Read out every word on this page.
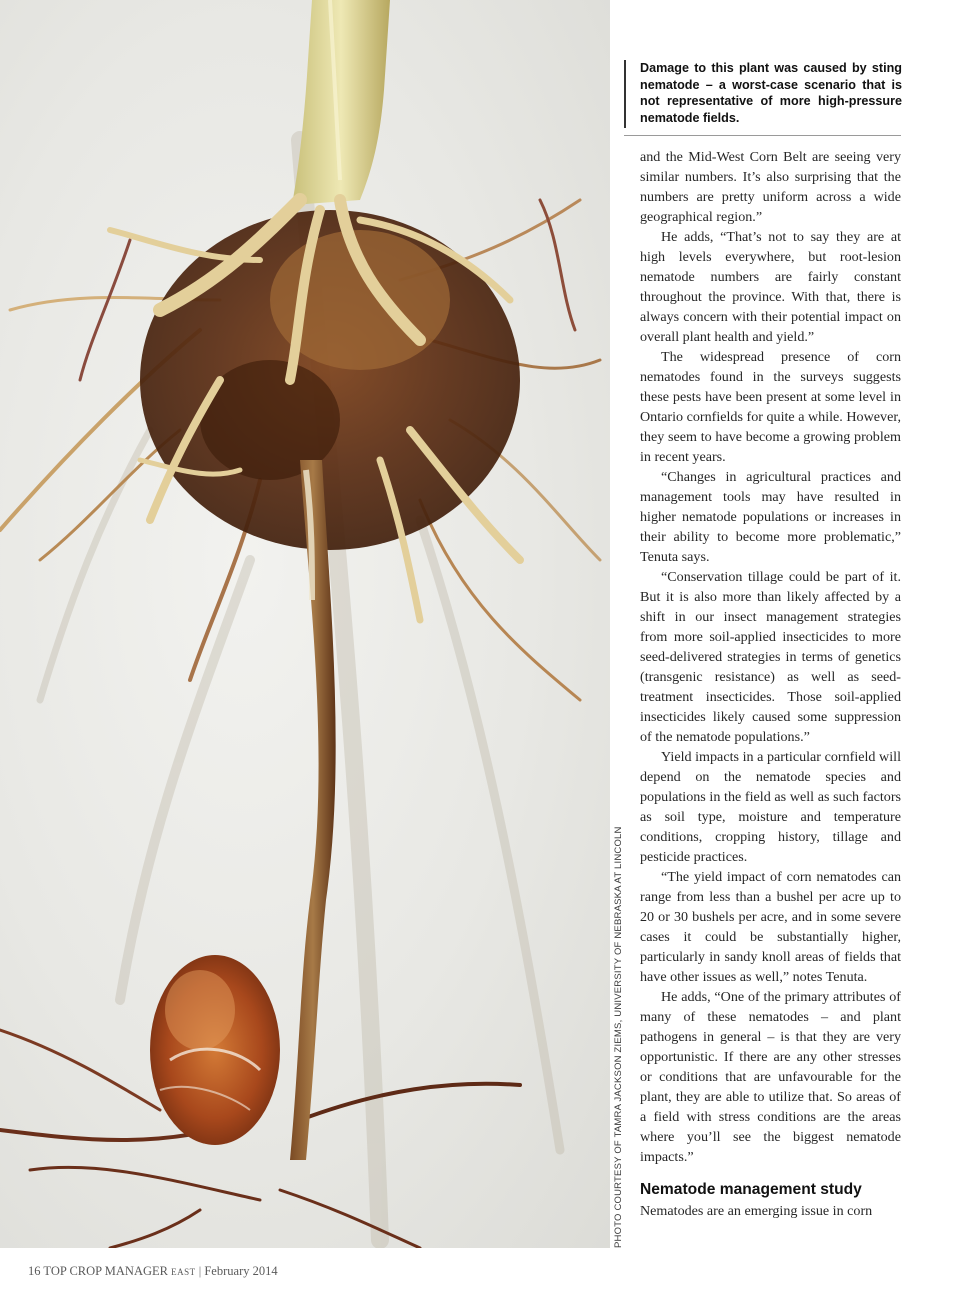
PHOTO COURTESY OF TAMRA JACKSON ZIEMS, UNIVERSITY OF NEBRASKA AT LINCOLN
Damage to this plant was caused by sting nematode – a worst-case scenario that is not representative of more high-pressure nematode fields.

and the Mid-West Corn Belt are seeing very similar numbers. It’s also surprising that the numbers are pretty uniform across a wide geographical region.”

He adds, “That’s not to say they are at high levels everywhere, but root-lesion nematode numbers are fairly constant throughout the province. With that, there is always concern with their potential impact on overall plant health and yield.”

The widespread presence of corn nematodes found in the surveys suggests these pests have been present at some level in Ontario cornfields for quite a while. However, they seem to have become a growing problem in recent years.

“Changes in agricultural practices and management tools may have resulted in higher nematode populations or increases in their ability to become more problematic,” Tenuta says.

“Conservation tillage could be part of it. But it is also more than likely affected by a shift in our insect management strategies from more soil-applied insecticides to more seed-delivered strategies in terms of genetics (transgenic resistance) as well as seed-treatment insecticides. Those soil-applied insecticides likely caused some suppression of the nematode populations.”

Yield impacts in a particular cornfield will depend on the nematode species and populations in the field as well as such factors as soil type, moisture and temperature conditions, cropping history, tillage and pesticide practices.

“The yield impact of corn nematodes can range from less than a bushel per acre up to 20 or 30 bushels per acre, and in some severe cases it could be substantially higher, particularly in sandy knoll areas of fields that have other issues as well,” notes Tenuta.

He adds, “One of the primary attributes of many of these nematodes – and plant pathogens in general – is that they are very opportunistic. If there are any other stresses or conditions that are unfavourable for the plant, they are able to utilize that. So areas of a field with stress conditions are the areas where you’ll see the biggest nematode impacts.”

Nematode management study

Nematodes are an emerging issue in corn

16 TOP CROP MANAGER EAST | February 2014
